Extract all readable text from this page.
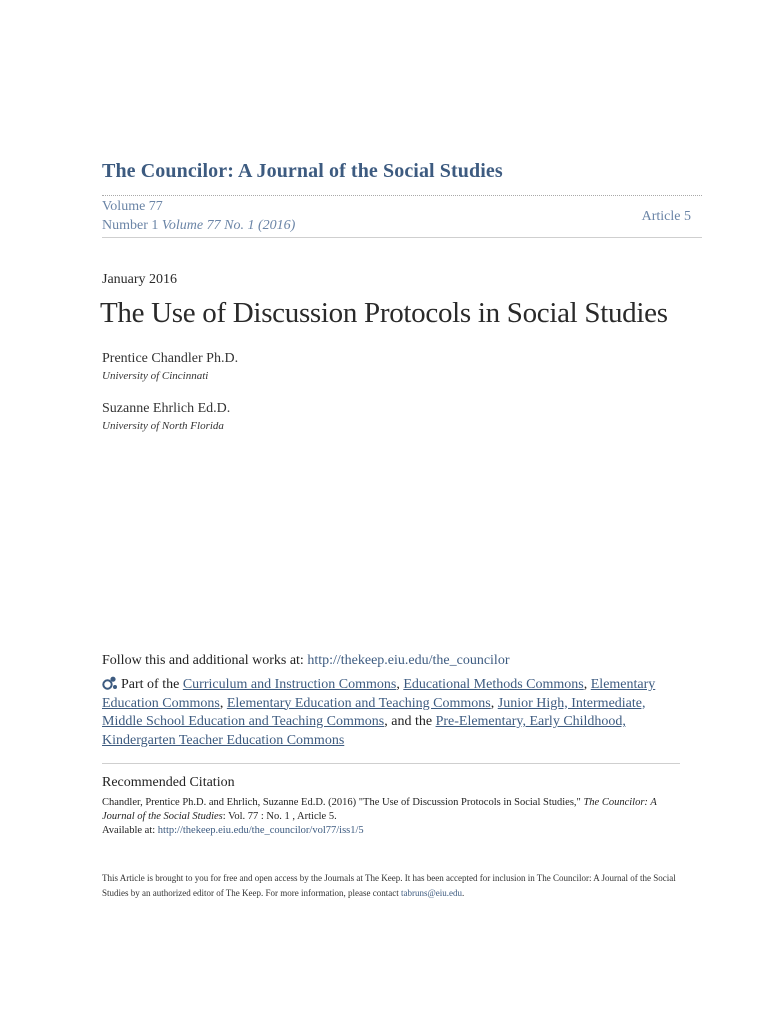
The Councilor: A Journal of the Social Studies
Volume 77
Number 1 Volume 77 No. 1 (2016)
Article 5
January 2016
The Use of Discussion Protocols in Social Studies
Prentice Chandler Ph.D.
University of Cincinnati
Suzanne Ehrlich Ed.D.
University of North Florida
Follow this and additional works at: http://thekeep.eiu.edu/the_councilor
Part of the Curriculum and Instruction Commons, Educational Methods Commons, Elementary Education Commons, Elementary Education and Teaching Commons, Junior High, Intermediate, Middle School Education and Teaching Commons, and the Pre-Elementary, Early Childhood, Kindergarten Teacher Education Commons
Recommended Citation
Chandler, Prentice Ph.D. and Ehrlich, Suzanne Ed.D. (2016) "The Use of Discussion Protocols in Social Studies," The Councilor: A Journal of the Social Studies: Vol. 77 : No. 1 , Article 5.
Available at: http://thekeep.eiu.edu/the_councilor/vol77/iss1/5
This Article is brought to you for free and open access by the Journals at The Keep. It has been accepted for inclusion in The Councilor: A Journal of the Social Studies by an authorized editor of The Keep. For more information, please contact tabruns@eiu.edu.
